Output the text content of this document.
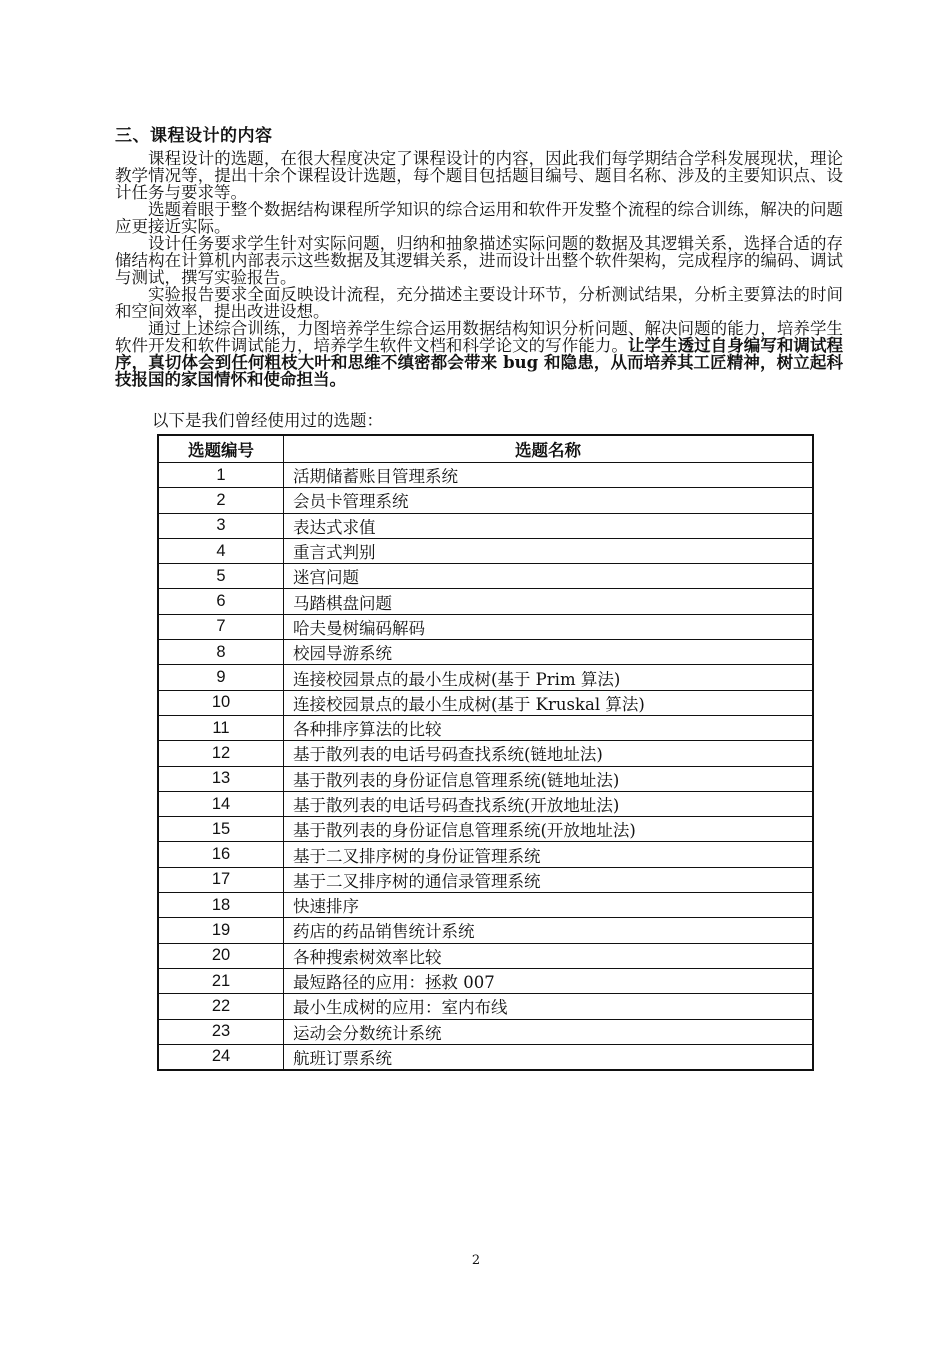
三、课程设计的内容

课程设计的选题，在很大程度决定了课程设计的内容，因此我们每学期结合学科发展现状，理论教学情况等，提出十余个课程设计选题，每个题目包括题目编号、题目名称、涉及的主要知识点、设计任务与要求等。

选题着眼于整个数据结构课程所学知识的综合运用和软件开发整个流程的综合训练，解决的问题应更接近实际。

设计任务要求学生针对实际问题，归纳和抽象描述实际问题的数据及其逻辑关系，选择合适的存储结构在计算机内部表示这些数据及其逻辑关系，进而设计出整个软件架构，完成程序的编码、调试与测试，撰写实验报告。

实验报告要求全面反映设计流程，充分描述主要设计环节，分析测试结果，分析主要算法的时间和空间效率，提出改进设想。

通过上述综合训练，力图培养学生综合运用数据结构知识分析问题、解决问题的能力，培养学生软件开发和软件调试能力，培养学生软件文档和科学论文的写作能力。让学生透过自身编写和调试程序，真切体会到任何粗枝大叶和思维不缜密都会带来 bug 和隐患，从而培养其工匠精神，树立起科技报国的家国情怀和使命担当。

以下是我们曾经使用过的选题：
选题编号	选题名称
1	活期储蓄账目管理系统
2	会员卡管理系统
3	表达式求值
4	重言式判别
5	迷宫问题
6	马踏棋盘问题
7	哈夫曼树编码解码
8	校园导游系统
9	连接校园景点的最小生成树(基于 Prim 算法)
10	连接校园景点的最小生成树(基于 Kruskal 算法)
11	各种排序算法的比较
12	基于散列表的电话号码查找系统(链地址法)
13	基于散列表的身份证信息管理系统(链地址法)
14	基于散列表的电话号码查找系统(开放地址法)
15	基于散列表的身份证信息管理系统(开放地址法)
16	基于二叉排序树的身份证管理系统
17	基于二叉排序树的通信录管理系统
18	快速排序
19	药店的药品销售统计系统
20	各种搜索树效率比较
21	最短路径的应用：拯救 007
22	最小生成树的应用：室内布线
23	运动会分数统计系统
24	航班订票系统
2
